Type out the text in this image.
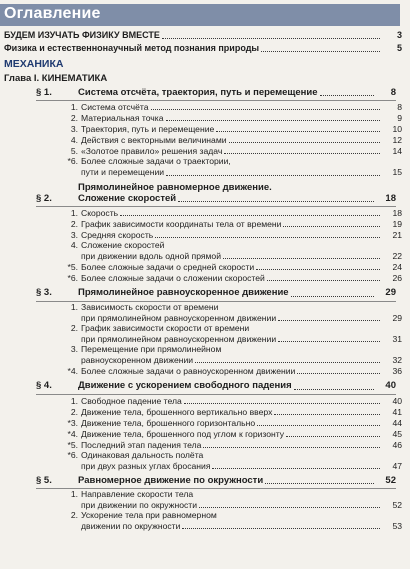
Оглавление
БУДЕМ ИЗУЧАТЬ ФИЗИКУ ВМЕСТЕ	3
Физика и естественнонаучный метод познания природы	5
МЕХАНИКА
Глава I. КИНЕМАТИКА
§ 1.	Система отсчёта, траектория, путь и перемещение	8
1. Система отсчёта	8
2. Материальная точка	9
3. Траектория, путь и перемещение	10
4. Действия с векторными величинами	12
5. «Золотое правило» решения задач	14
*6. Более сложные задачи о траектории,
пути и перемещении	15
§ 2.
Прямолинейное равномерное движение.
Сложение скоростей	18
1. Скорость	18
2. График зависимости координаты тела от времени	19
3. Средняя скорость	21
4. Сложение скоростей
при движении вдоль одной прямой	22
*5. Более сложные задачи о средней скорости	24
*6. Более сложные задачи о сложении скоростей	26
§ 3.	Прямолинейное равноускоренное движение	29
1. Зависимость скорости от времени
при прямолинейном равноускоренном движении	29
2. График зависимости скорости от времени
при прямолинейном равноускоренном движении	31
3. Перемещение при прямолинейном
равноускоренном движении	32
*4. Более сложные задачи о равноускоренном движении	36
§ 4.	Движение с ускорением свободного падения	40
1. Свободное падение тела	40
2. Движение тела, брошенного вертикально вверх	41
*3. Движение тела, брошенного горизонтально	44
*4. Движение тела, брошенного под углом к горизонту	45
*5. Последний этап падения тела	46
*6. Одинаковая дальность полёта
при двух разных углах бросания	47
§ 5.	Равномерное движение по окружности	52
1. Направление скорости тела
при движении по окружности	52
2. Ускорение тела при равномерном
движении по окружности	53
